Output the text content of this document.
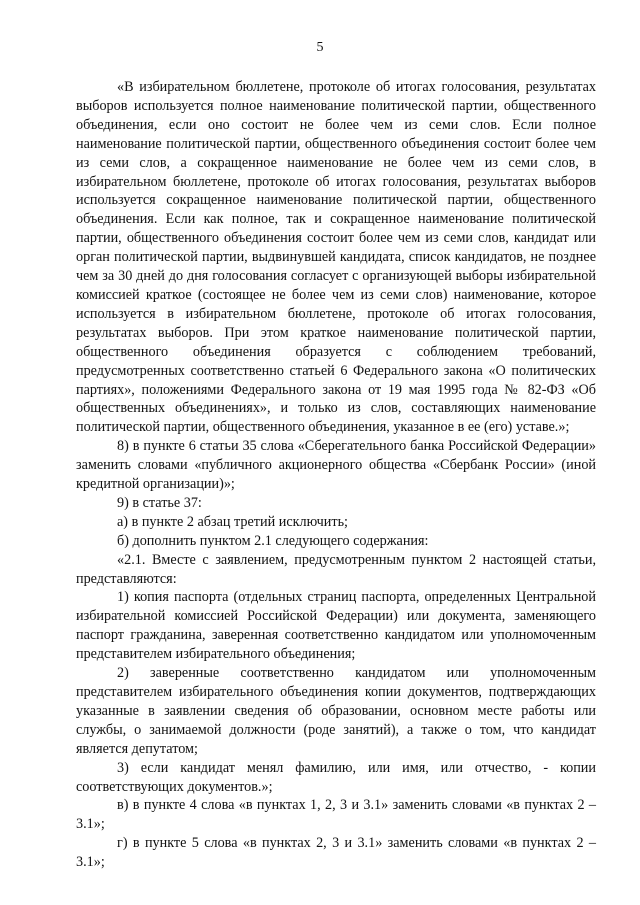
5

«В избирательном бюллетене, протоколе об итогах голосования, результатах выборов используется полное наименование политической партии, общественного объединения, если оно состоит не более чем из семи слов. Если полное наименование политической партии, общественного объединения состоит более чем из семи слов, а сокращенное наименование не более чем из семи слов, в избирательном бюллетене, протоколе об итогах голосования, результатах выборов используется сокращенное наименование политической партии, общественного объединения. Если как полное, так и сокращенное наименование политической партии, общественного объединения состоит более чем из семи слов, кандидат или орган политической партии, выдвинувшей кандидата, список кандидатов, не позднее чем за 30 дней до дня голосования согласует с организующей выборы избирательной комиссией краткое (состоящее не более чем из семи слов) наименование, которое используется в избирательном бюллетене, протоколе об итогах голосования, результатах выборов. При этом краткое наименование политической партии, общественного объединения образуется с соблюдением требований, предусмотренных соответственно статьей 6 Федерального закона «О политических партиях», положениями Федерального закона от 19 мая 1995 года № 82-ФЗ «Об общественных объединениях», и только из слов, составляющих наименование политической партии, общественного объединения, указанное в ее (его) уставе.»;

8) в пункте 6 статьи 35 слова «Сберегательного банка Российской Федерации» заменить словами «публичного акционерного общества «Сбербанк России» (иной кредитной организации)»;

9) в статье 37:

а) в пункте 2 абзац третий исключить;

б) дополнить пунктом 2.1 следующего содержания:

«2.1. Вместе с заявлением, предусмотренным пунктом 2 настоящей статьи, представляются:

1) копия паспорта (отдельных страниц паспорта, определенных Центральной избирательной комиссией Российской Федерации) или документа, заменяющего паспорт гражданина, заверенная соответственно кандидатом или уполномоченным представителем избирательного объединения;

2) заверенные соответственно кандидатом или уполномоченным представителем избирательного объединения копии документов, подтверждающих указанные в заявлении сведения об образовании, основном месте работы или службы, о занимаемой должности (роде занятий), а также о том, что кандидат является депутатом;

3) если кандидат менял фамилию, или имя, или отчество, - копии соответствующих документов.»;

в) в пункте 4 слова «в пунктах 1, 2, 3 и 3.1» заменить словами «в пунктах 2 – 3.1»;

г) в пункте 5 слова «в пунктах 2, 3 и 3.1» заменить словами «в пунктах 2 – 3.1»;
